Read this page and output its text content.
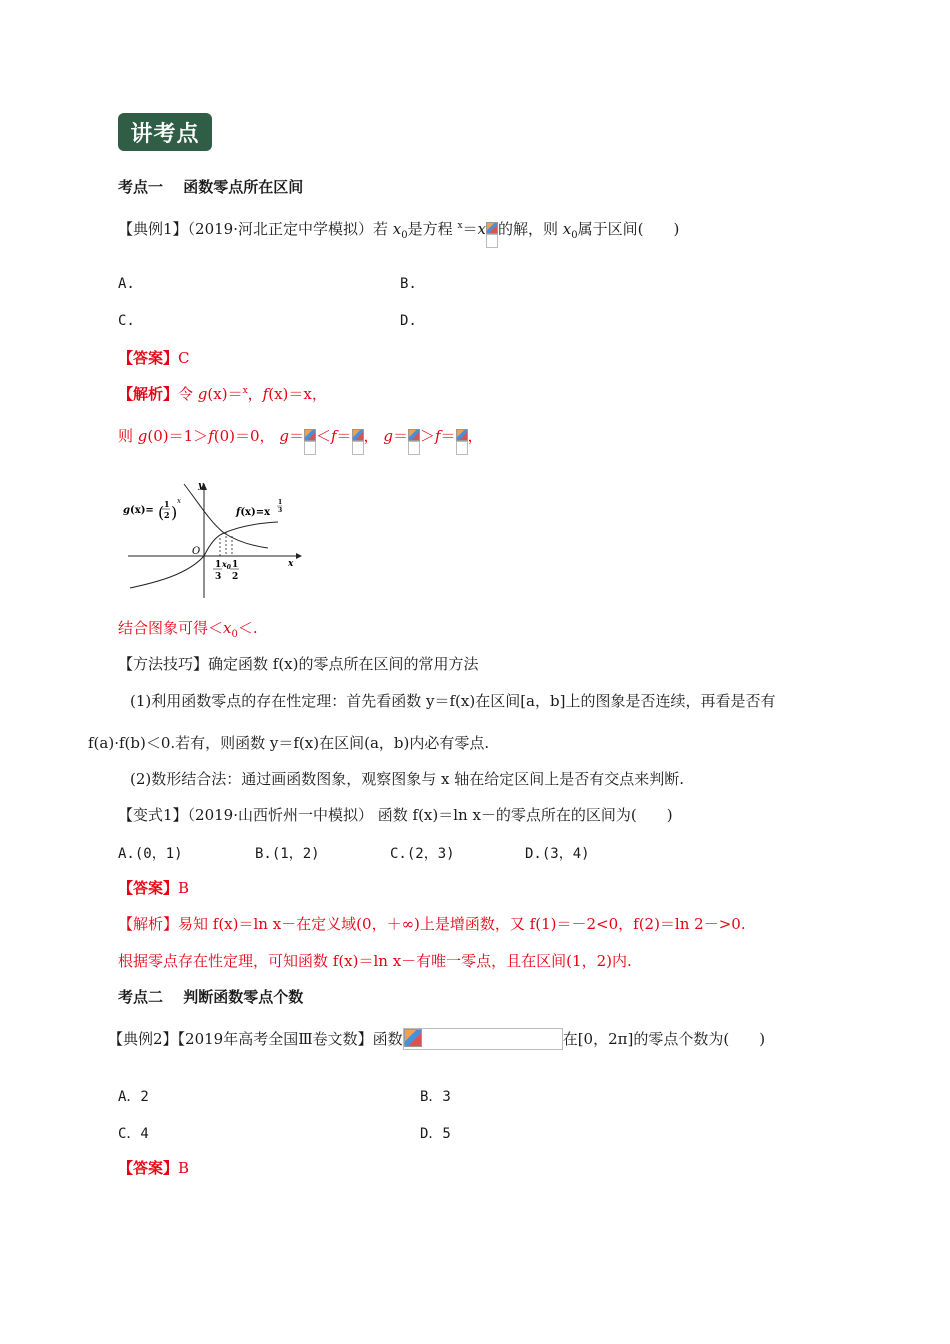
讲考点
考点一　 函数零点所在区间
【典例1】（2019·河北正定中学模拟）若 $x_0$是方程 $^x$＝x 的解，则 $x_0$属于区间(　　)
A.	B.
C.	D.
【答案】C
【解析】令 g(x)＝$^x$，f(x)＝x，
则 g(0)＝1＞f(0)＝0， g＝ ＜f＝ ， g＝ ＞f＝ ，
g(x)=
1
2
( )
x
f(x)=x
1
3
y
x
O
1
3
$x_0$ 1
2
结合图象可得$<x_0<$.
【方法技巧】确定函数 f(x)的零点所在区间的常用方法
(1)利用函数零点的存在性定理：首先看函数 y＝f(x)在区间[a，b]上的图象是否连续，再看是否有
f(a)·f(b)＜0.若有，则函数 y＝f(x)在区间(a，b)内必有零点.
(2)数形结合法：通过画函数图象，观察图象与 x 轴在给定区间上是否有交点来判断.
【变式1】（2019·山西忻州一中模拟） 函数 f(x)＝ln x－的零点所在的区间为(　　)
A.(0，1)	B.(1，2)	C.(2，3)	D.(3，4)
【答案】B
【解析】易知 f(x)＝ln x－在定义域(0，＋∞)上是增函数，又 f(1)＝－2<0，f(2)＝ln 2－>0.
根据零点存在性定理，可知函数 f(x)＝ln x－有唯一零点，且在区间(1，2)内.
考点二　 判断函数零点个数
【典例2】【2019年高考全国Ⅲ卷文数】函数	在[0，2π]的零点个数为(　　)
A．2	B．3
C．4	D．5
【答案】B
